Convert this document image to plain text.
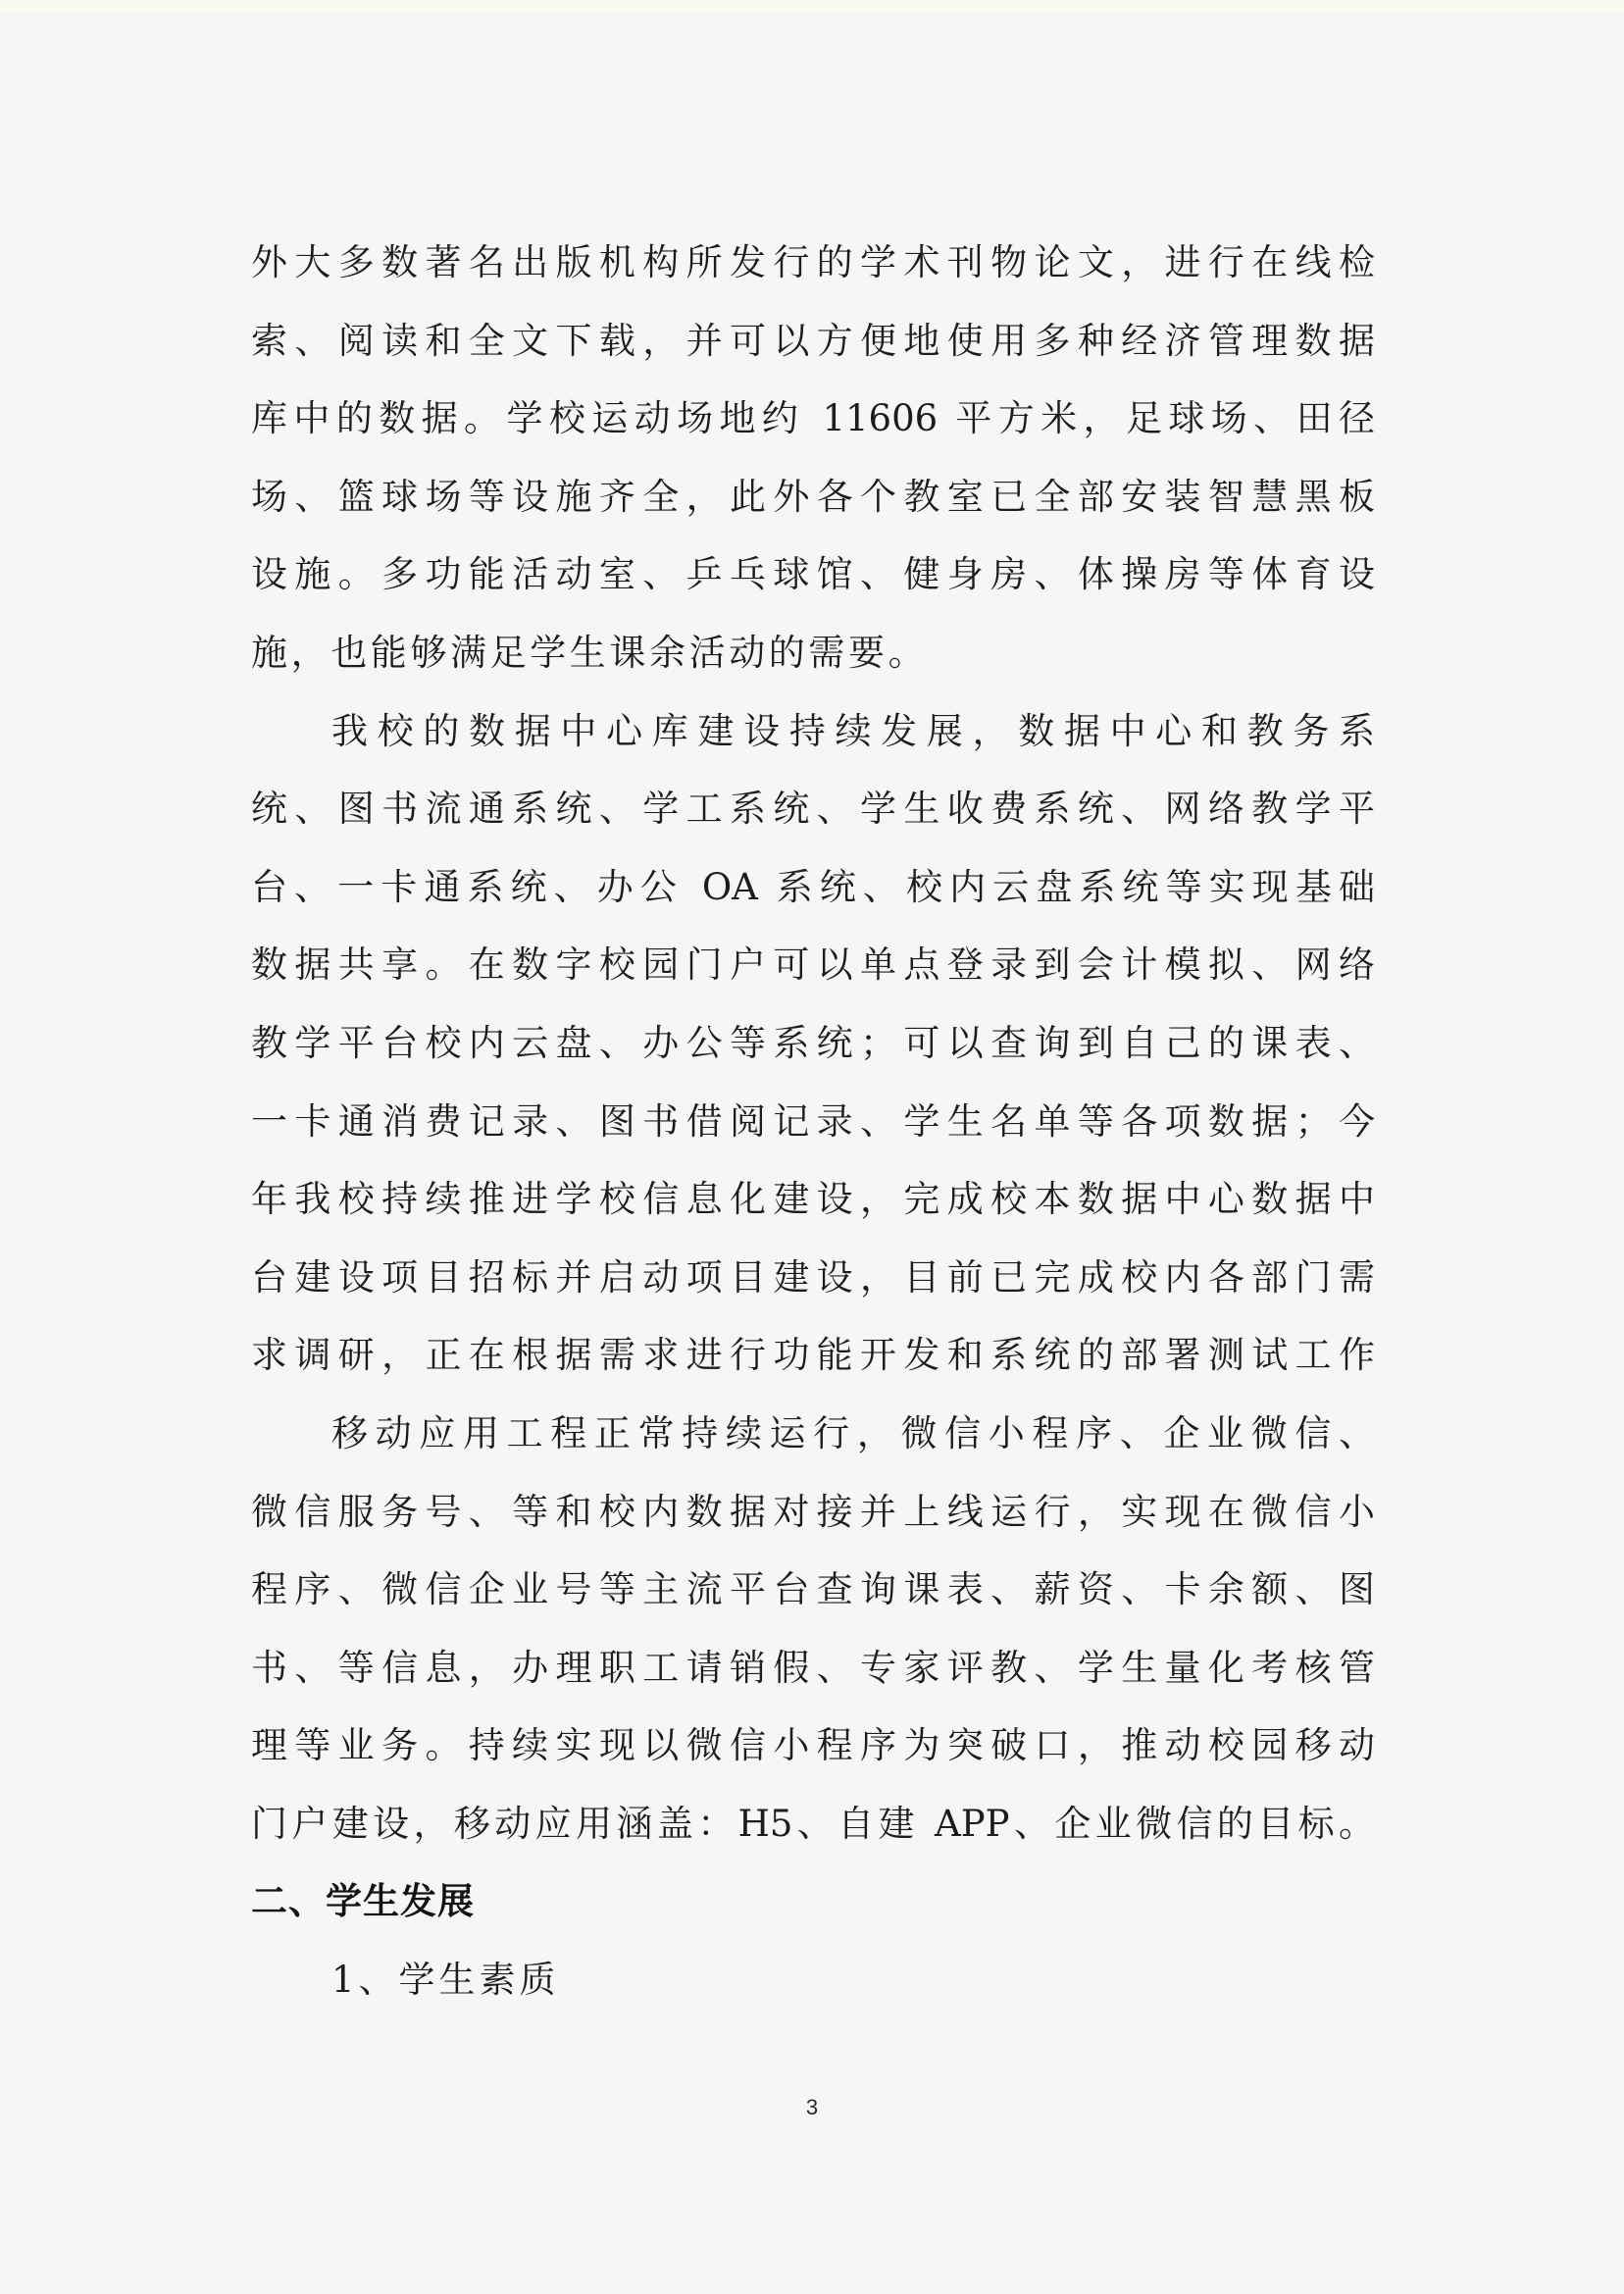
外大多数著名出版机构所发行的学术刊物论文，进行在线检
索、阅读和全文下载，并可以方便地使用多种经济管理数据
库中的数据。学校运动场地约 11606 平方米，足球场、田径
场、篮球场等设施齐全，此外各个教室已全部安装智慧黑板
设施。多功能活动室、乒乓球馆、健身房、体操房等体育设
施，也能够满足学生课余活动的需要。
我校的数据中心库建设持续发展，数据中心和教务系
统、图书流通系统、学工系统、学生收费系统、网络教学平
台、一卡通系统、办公 OA 系统、校内云盘系统等实现基础
数据共享。在数字校园门户可以单点登录到会计模拟、网络
教学平台校内云盘、办公等系统；可以查询到自己的课表、
一卡通消费记录、图书借阅记录、学生名单等各项数据；今
年我校持续推进学校信息化建设，完成校本数据中心数据中
台建设项目招标并启动项目建设，目前已完成校内各部门需
求调研，正在根据需求进行功能开发和系统的部署测试工作
移动应用工程正常持续运行，微信小程序、企业微信、
微信服务号、等和校内数据对接并上线运行，实现在微信小
程序、微信企业号等主流平台查询课表、薪资、卡余额、图
书、等信息，办理职工请销假、专家评教、学生量化考核管
理等业务。持续实现以微信小程序为突破口，推动校园移动
门户建设，移动应用涵盖：H5、自建 APP、企业微信的目标。
二、学生发展
1、学生素质
3
